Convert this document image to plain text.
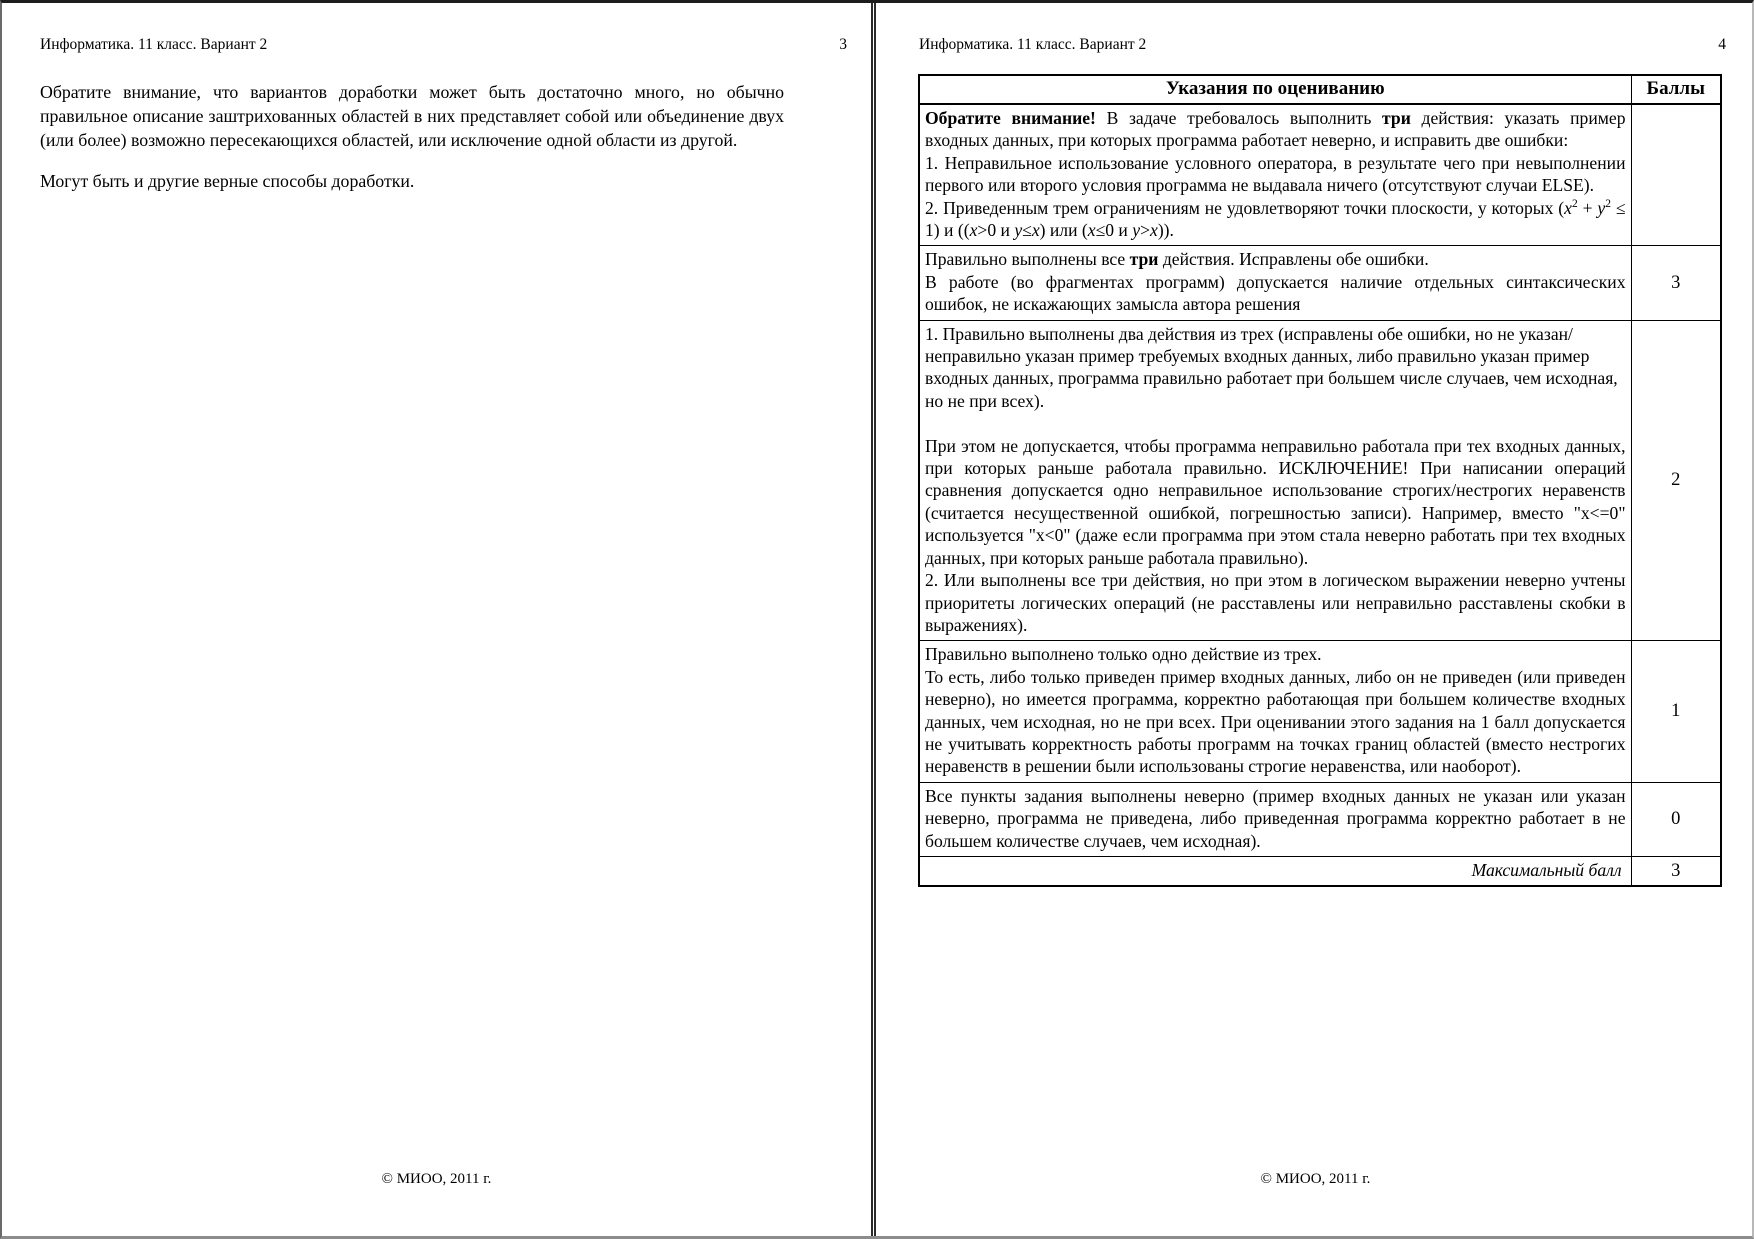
Информатика. 11 класс. Вариант 2	3

Обратите внимание, что вариантов доработки может быть достаточно много, но обычно правильное описание заштрихованных областей в них представляет собой или объединение двух (или более) возможно пересекающихся областей, или исключение одной области из другой.

Могут быть и другие верные способы доработки.

© МИОО, 2011 г.
Информатика. 11 класс. Вариант 2	4
Указания по оцениванию	Баллы

Обратите внимание! В задаче требовалось выполнить три действия: указать пример входных данных, при которых программа работает неверно, и исправить две ошибки:
1. Неправильное использование условного оператора, в результате чего при невыполнении первого или второго условия программа не выдавала ничего (отсутствуют случаи ELSE).
2. Приведенным трем ограничениям не удовлетворяют точки плоскости, у которых $(x^2 + y^2 \le 1)$ и ((x>0 и y≤x) или (x≤0 и y>x)).	

Правильно выполнены все три действия. Исправлены обе ошибки.
В работе (во фрагментах программ) допускается наличие отдельных синтаксических ошибок, не искажающих замысла автора решения	3

1. Правильно выполнены два действия из трех (исправлены обе ошибки, но не указан/неправильно указан пример требуемых входных данных, либо правильно указан пример входных данных, программа правильно работает при большем числе случаев, чем исходная, но не при всех).
При этом не допускается, чтобы программа неправильно работала при тех входных данных, при которых раньше работала правильно. ИСКЛЮЧЕНИЕ! При написании операций сравнения допускается одно неправильное использование строгих/нестрогих неравенств (считается несущественной ошибкой, погрешностью записи). Например, вместо "x<=0" используется "x<0" (даже если программа при этом стала неверно работать при тех входных данных, при которых раньше работала правильно).
2. Или выполнены все три действия, но при этом в логическом выражении неверно учтены приоритеты логических операций (не расставлены или неправильно расставлены скобки в выражениях).	2

Правильно выполнено только одно действие из трех.
То есть, либо только приведен пример входных данных, либо он не приведен (или приведен неверно), но имеется программа, корректно работающая при большем количестве входных данных, чем исходная, но не при всех. При оценивании этого задания на 1 балл допускается не учитывать корректность работы программ на точках границ областей (вместо нестрогих неравенств в решении были использованы строгие неравенства, или наоборот).	1

Все пункты задания выполнены неверно (пример входных данных не указан или указан неверно, программа не приведена, либо приведенная программа корректно работает в не большем количестве случаев, чем исходная).	0

Максимальный балл	3
© МИОО, 2011 г.
